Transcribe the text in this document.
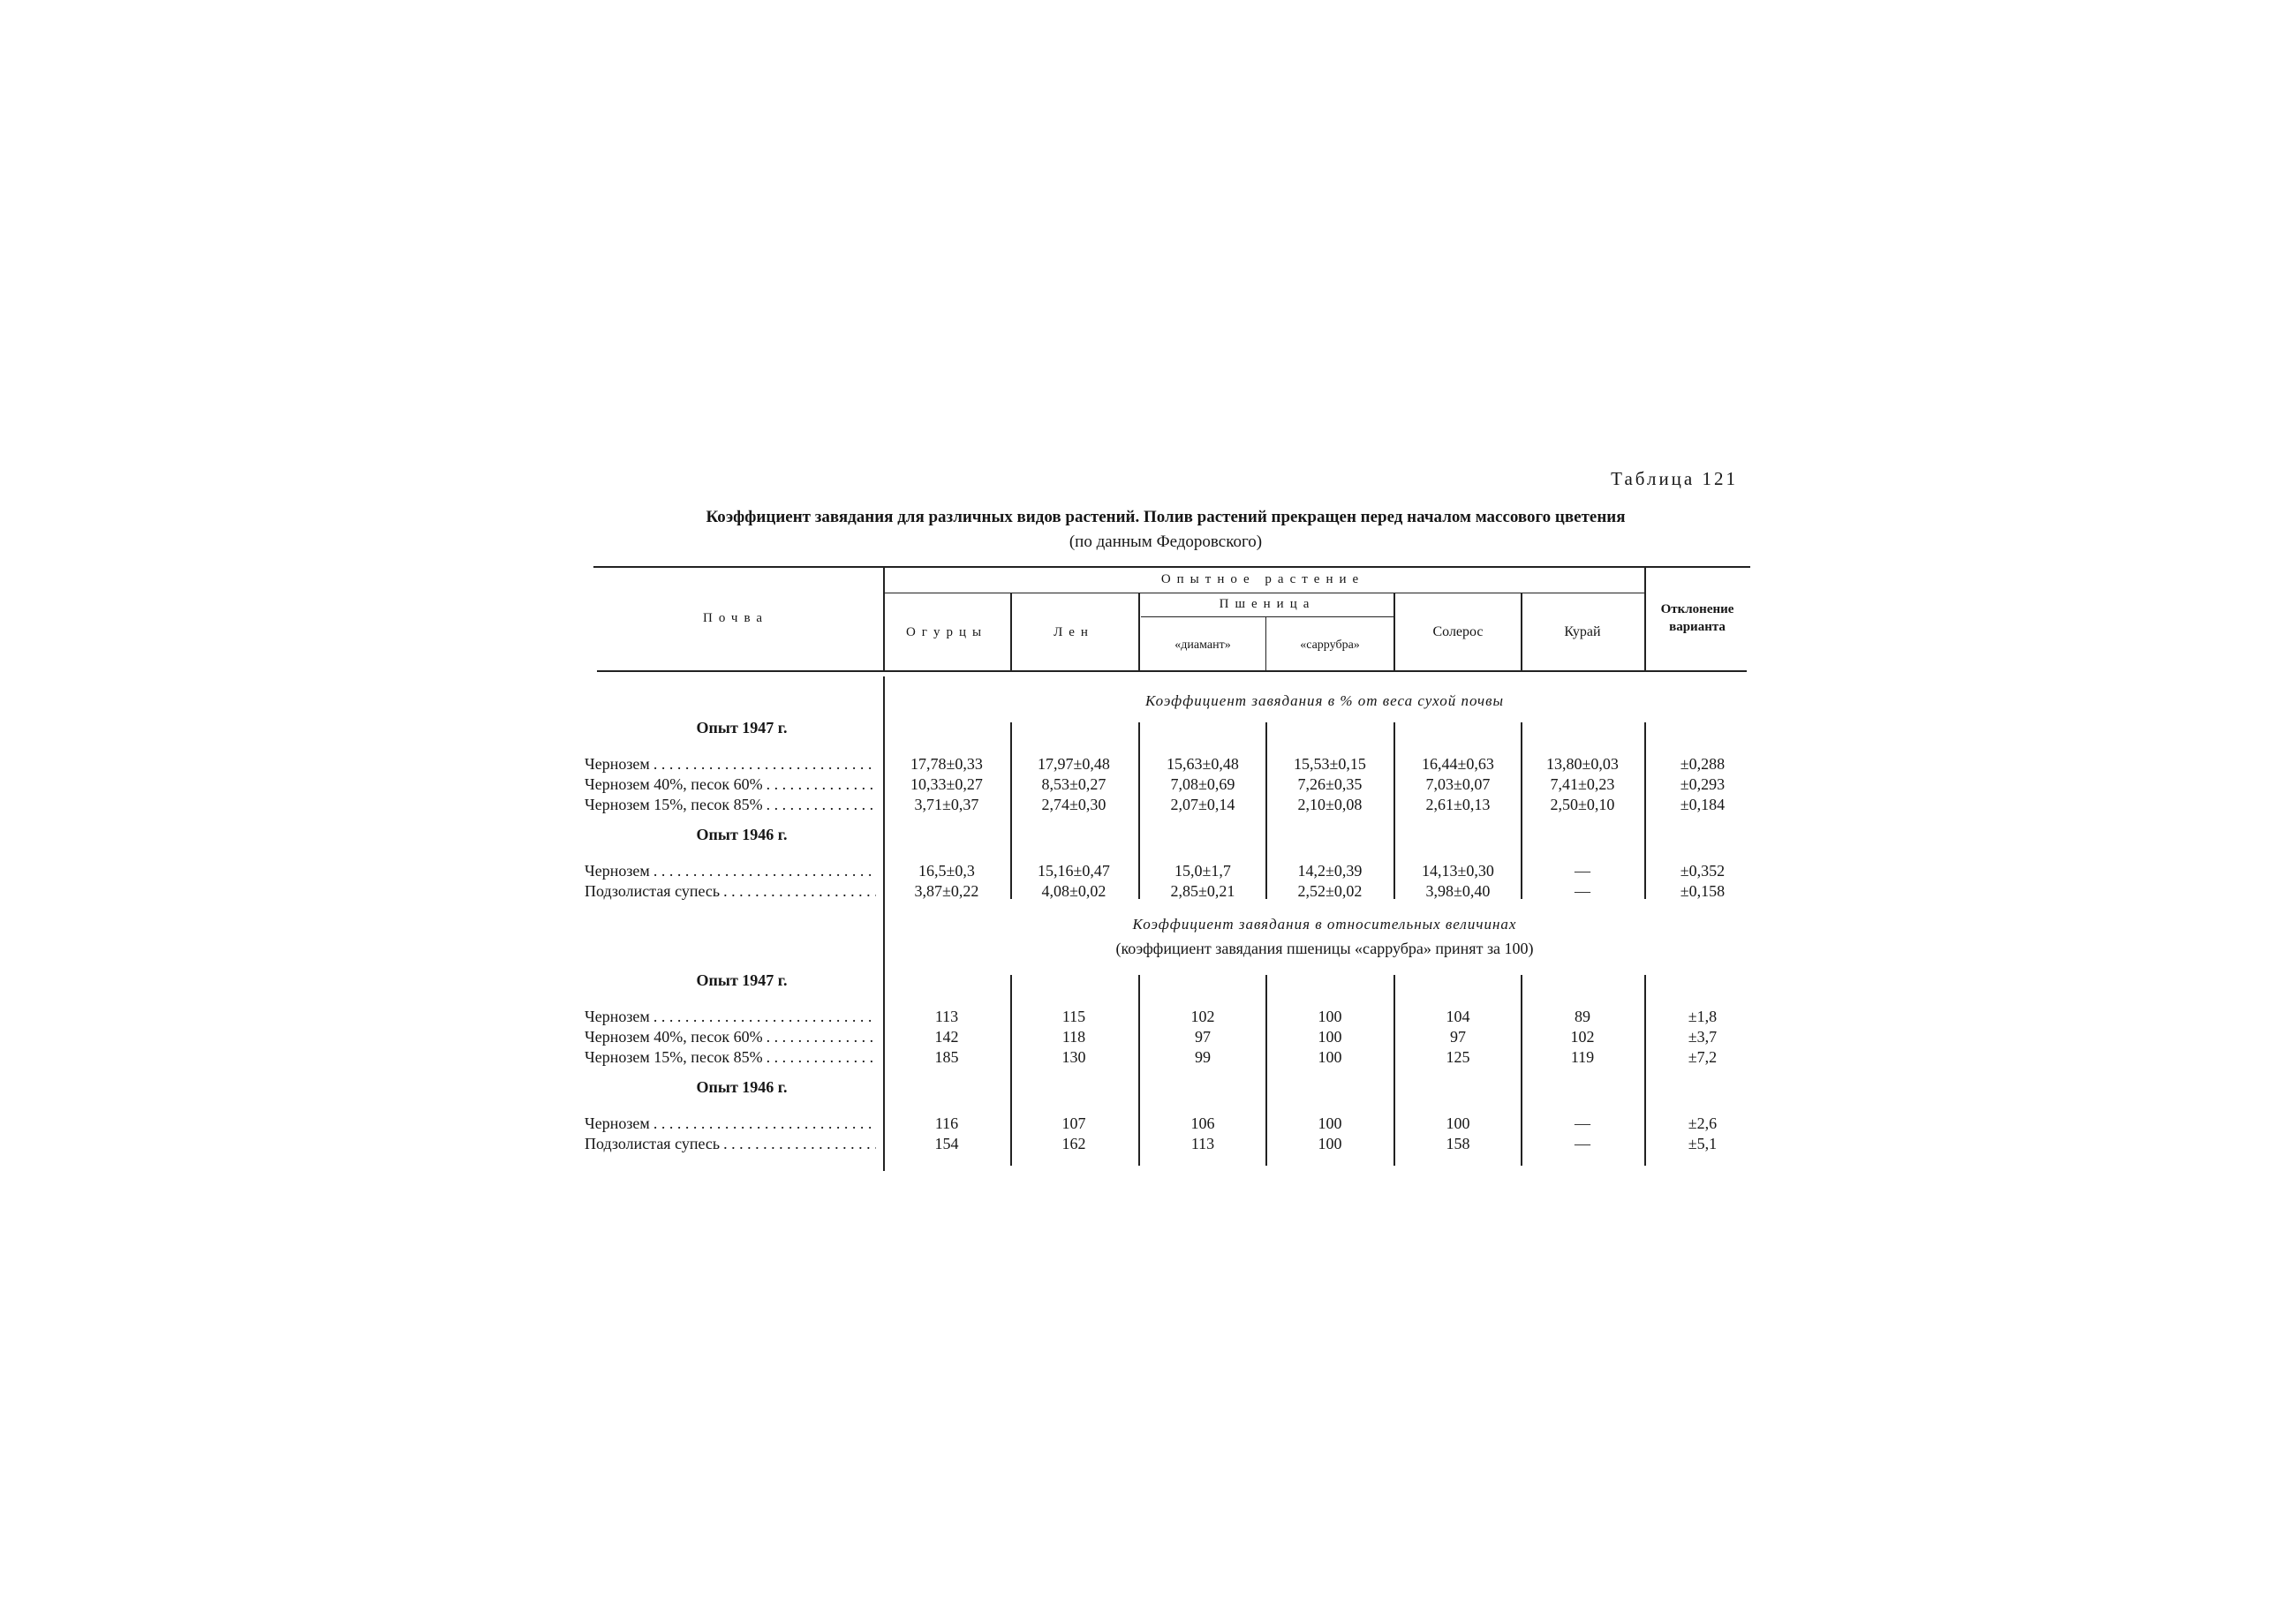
Таблица 121
Коэффициент завядания для различных видов растений. Полив растений прекращен перед началом массового цветения
(по данным Федоровского)
Почва
Опытное растение
Пшеница
Огурцы	Лен
«диамант»	«саррубра»
Солерос	Курай
Отклонение варианта
Коэффициент завядания в % от веса сухой почвы
Опыт 1947 г.
Чернозем . . .	17,78±0,33	17,97±0,48	15,63±0,48	15,53±0,15	16,44±0,63	13,80±0,03	±0,288
Чернозем 40%, песок 60% . . .	10,33±0,27	8,53±0,27	7,08±0,69	7,26±0,35	7,03±0,07	7,41±0,23	±0,293
Чернозем 15%, песок 85% . . .	3,71±0,37	2,74±0,30	2,07±0,14	2,10±0,08	2,61±0,13	2,50±0,10	±0,184
Опыт 1946 г.
Чернозем . . .	16,5±0,3	15,16±0,47	15,0±1,7	14,2±0,39	14,13±0,30	—	±0,352
Подзолистая супесь . . .	3,87±0,22	4,08±0,02	2,85±0,21	2,52±0,02	3,98±0,40	—	±0,158
Коэффициент завядания в относительных величинах
(коэффициент завядания пшеницы «саррубра» принят за 100)
Опыт 1947 г.
Чернозем . . .	113	115	102	100	104	89	±1,8
Чернозем 40%, песок 60% . . .	142	118	97	100	97	102	±3,7
Чернозем 15%, песок 85% . . .	185	130	99	100	125	119	±7,2
Опыт 1946 г.
Чернозем . . .	116	107	106	100	100	—	±2,6
Подзолистая супесь . . .	154	162	113	100	158	—	±5,1
